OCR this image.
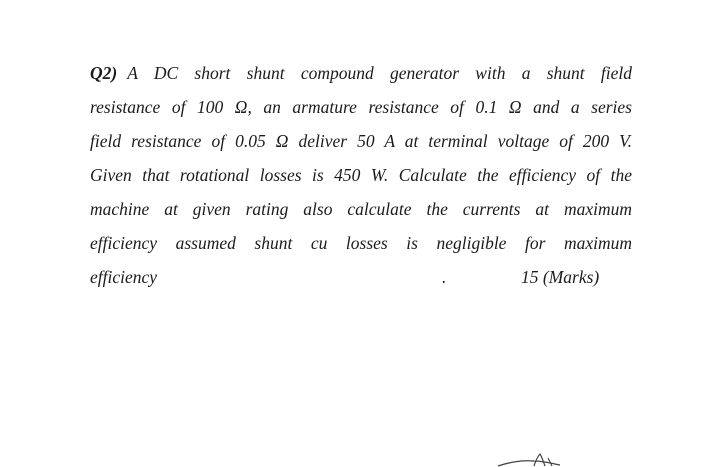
Q2) A DC short shunt compound generator with a shunt field
resistance of 100 Ω, an armature resistance of 0.1 Ω and a series
field resistance of 0.05 Ω deliver 50 A at terminal voltage of 200 V.
Given that rotational losses is 450 W. Calculate the efficiency of the
machine at given rating also calculate the currents at maximum
efficiency assumed shunt cu losses is negligible for maximum
efficiency	.	15 (Marks)
